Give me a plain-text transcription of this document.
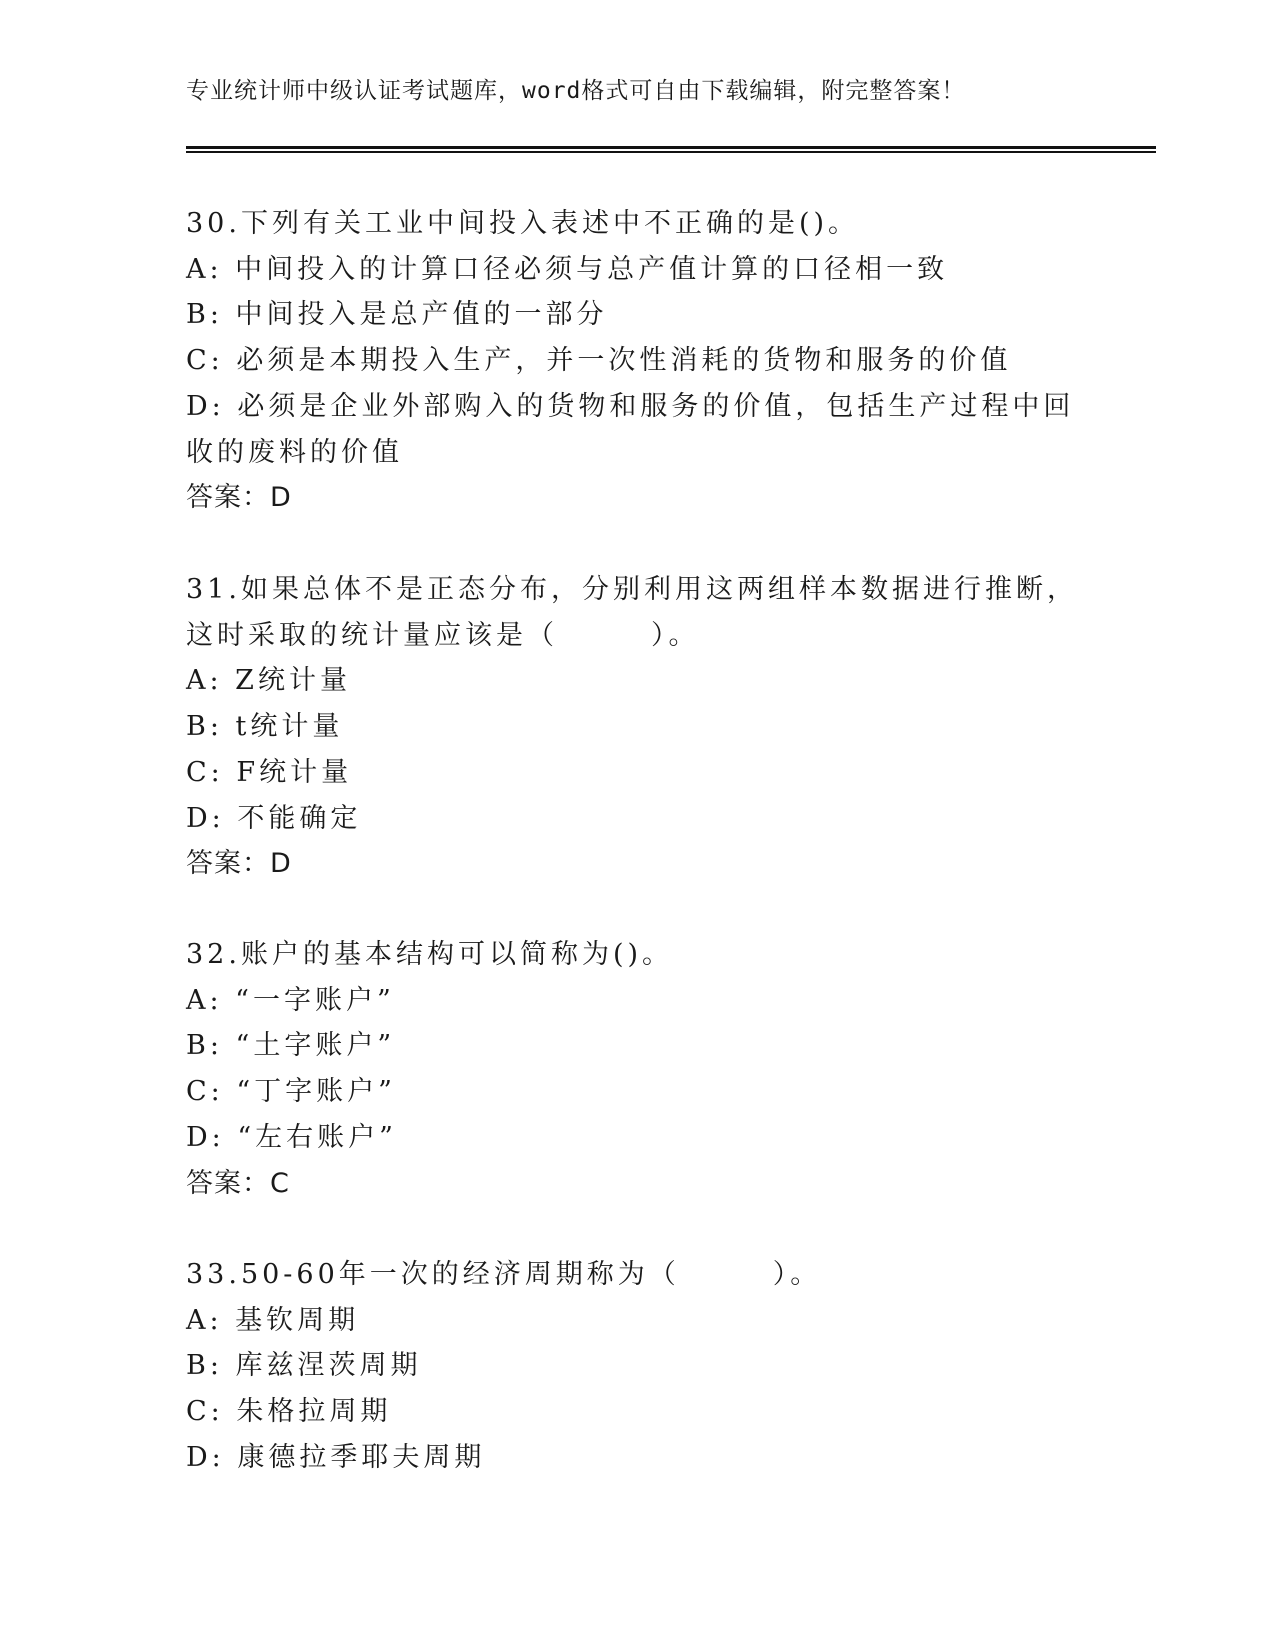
专业统计师中级认证考试题库，word格式可自由下载编辑，附完整答案！

30.下列有关工业中间投入表述中不正确的是()。

A: 中间投入的计算口径必须与总产值计算的口径相一致

B: 中间投入是总产值的一部分

C: 必须是本期投入生产，并一次性消耗的货物和服务的价值

D: 必须是企业外部购入的货物和服务的价值，包括生产过程中回收的废料的价值

答案：D

31.如果总体不是正态分布，分别利用这两组样本数据进行推断，这时采取的统计量应该是（　　　）。

A: Z统计量

B: t统计量

C: F统计量

D: 不能确定

答案：D

32.账户的基本结构可以简称为()。

A: “一字账户”

B: “土字账户”

C: “丁字账户”

D: “左右账户”

答案：C

33.50-60年一次的经济周期称为（　　　）。

A: 基钦周期

B: 库兹涅茨周期

C: 朱格拉周期

D: 康德拉季耶夫周期
